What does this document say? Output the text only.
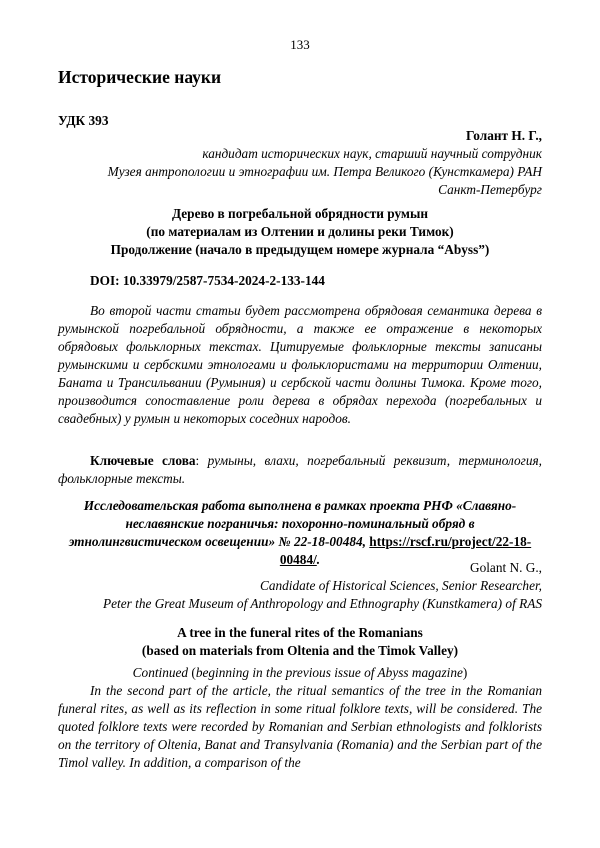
133
Исторические науки
УДК 393
Голант Н. Г.,
кандидат исторических наук, старший научный сотрудник
Музея антропологии и этнографии им. Петра Великого (Кунсткамера) РАН
Санкт-Петербург
Дерево в погребальной обрядности румын
(по материалам из Олтении и долины реки Тимок)
Продолжение (начало в предыдущем номере журнала “Abyss”)
DOI: 10.33979/2587-7534-2024-2-133-144

Во второй части статьи будет рассмотрена обрядовая семантика дерева в румынской погребальной обрядности, а также ее отражение в некоторых обрядовых фольклорных текстах. Цитируемые фольклорные тексты записаны румынскими и сербскими этнологами и фольклористами на территории Олтении, Баната и Трансильвании (Румыния) и сербской части долины Тимока. Кроме того, производится сопоставление роли дерева в обрядах перехода (погребальных и свадебных) у румын и некоторых соседних народов.

Ключевые слова: румыны, влахи, погребальный реквизит, терминология, фольклорные тексты.

Исследовательская работа выполнена в рамках проекта РНФ «Славяно-неславянские пограничья: похоронно-поминальный обряд в этнолингвистическом освещении» № 22-18-00484, https://rscf.ru/project/22-18-00484/.

Golant N. G.,
Candidate of Historical Sciences, Senior Researcher,
Peter the Great Museum of Anthropology and Ethnography (Kunstkamera) of RAS
A tree in the funeral rites of the Romanians
(based on materials from Oltenia and the Timok Valley)
Continued (beginning in the previous issue of Abyss magazine)

In the second part of the article, the ritual semantics of the tree in the Romanian funeral rites, as well as its reflection in some ritual folklore texts, will be considered. The quoted folklore texts were recorded by Romanian and Serbian ethnologists and folklorists on the territory of Oltenia, Banat and Transylvania (Romania) and the Serbian part of the Timol valley. In addition, a comparison of the
